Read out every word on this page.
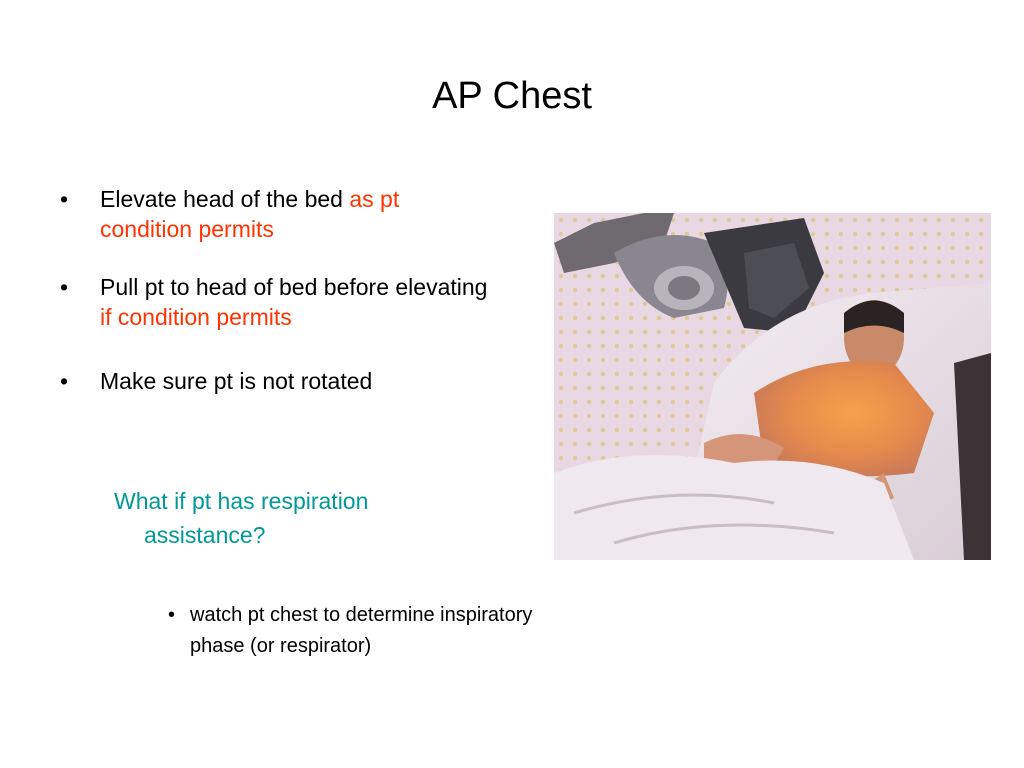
AP Chest
• Elevate head of the bed as pt condition permits
• Pull pt to head of bed before elevating if condition permits
• Make sure pt is not rotated
What if pt has respiration
assistance?
• watch pt chest to determine inspiratory phase (or respirator)
